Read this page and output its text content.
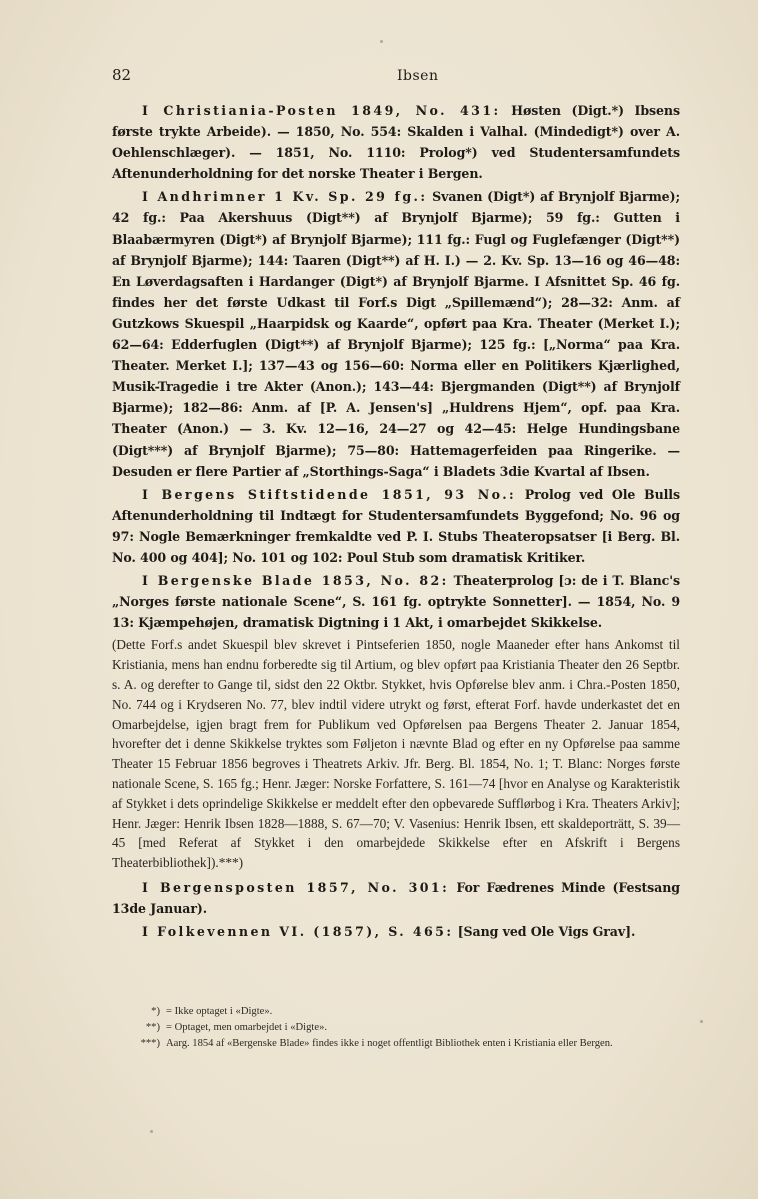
82	Ibsen

I Christiania-Posten 1849, No. 431: Høsten (Digt.*) Ibsens første trykte Arbeide). — 1850, No. 554: Skalden i Valhal. (Mindedigt*) over A. Oehlenschlæger). — 1851, No. 1110: Prolog*) ved Studentersamfundets Aftenunderholdning for det norske Theater i Bergen.

I Andhrimner 1 Kv. Sp. 29 fg.: Svanen (Digt*) af Brynjolf Bjarme); 42 fg.: Paa Akershuus (Digt**) af Brynjolf Bjarme); 59 fg.: Gutten i Blaabærmyren (Digt*) af Brynjolf Bjarme); 111 fg.: Fugl og Fuglefænger (Digt**) af Brynjolf Bjarme); 144: Taaren (Digt**) af H. I.) — 2. Kv. Sp. 13—16 og 46—48: En Løverdagsaften i Hardanger (Digt*) af Brynjolf Bjarme. I Afsnittet Sp. 46 fg. findes her det første Udkast til Forf.s Digt „Spillemænd“); 28—32: Anm. af Gutzkows Skuespil „Haarpidsk og Kaarde“, opført paa Kra. Theater (Merket I.); 62—64: Edderfuglen (Digt**) af Brynjolf Bjarme); 125 fg.: [„Norma“ paa Kra. Theater. Merket I.]; 137—43 og 156—60: Norma eller en Politikers Kjærlighed, Musik-Tragedie i tre Akter (Anon.); 143—44: Bjergmanden (Digt**) af Brynjolf Bjarme); 182—86: Anm. af [P. A. Jensen's] „Huldrens Hjem“, opf. paa Kra. Theater (Anon.) — 3. Kv. 12—16, 24—27 og 42—45: Helge Hundingsbane (Digt***) af Brynjolf Bjarme); 75—80: Hattemagerfeiden paa Ringerike. — Desuden er flere Partier af „Storthings-Saga“ i Bladets 3die Kvartal af Ibsen.

I Bergens Stiftstidende 1851, 93 No.: Prolog ved Ole Bulls Aftenunderholdning til Indtægt for Studentersamfundets Byggefond; No. 96 og 97: Nogle Bemærkninger fremkaldte ved P. I. Stubs Theateropsatser [i Berg. Bl. No. 400 og 404]; No. 101 og 102: Poul Stub som dramatisk Kritiker.

I Bergenske Blade 1853, No. 82: Theaterprolog [ɔ: de i T. Blanc's „Norges første nationale Scene“, S. 161 fg. optrykte Sonnetter]. — 1854, No. 9 13: Kjæmpehøjen, dramatisk Digtning i 1 Akt, i omarbejdet Skikkelse.

(Dette Forf.s andet Skuespil blev skrevet i Pintseferien 1850, nogle Maaneder efter hans Ankomst til Kristiania, mens han endnu forberedte sig til Artium, og blev opført paa Kristiania Theater den 26 Septbr. s. A. og derefter to Gange til, sidst den 22 Oktbr. Stykket, hvis Opførelse blev anm. i Chra.-Posten 1850, No. 744 og i Krydseren No. 77, blev indtil videre utrykt og først, efterat Forf. havde underkastet det en Omarbejdelse, igjen bragt frem for Publikum ved Opførelsen paa Bergens Theater 2. Januar 1854, hvorefter det i denne Skikkelse tryktes som Føljeton i nævnte Blad og efter en ny Opførelse paa samme Theater 15 Februar 1856 begroves i Theatrets Arkiv. Jfr. Berg. Bl. 1854, No. 1; T. Blanc: Norges første nationale Scene, S. 165 fg.; Henr. Jæger: Norske Forfattere, S. 161—74 [hvor en Analyse og Karakteristik af Stykket i dets oprindelige Skikkelse er meddelt efter den opbevarede Sufflørbog i Kra. Theaters Arkiv]; Henr. Jæger: Henrik Ibsen 1828—1888, S. 67—70; V. Vasenius: Henrik Ibsen, ett skaldeporträtt, S. 39—45 [med Referat af Stykket i den omarbejdede Skikkelse efter en Afskrift i Bergens Theaterbibliothek]).***)

I Bergensposten 1857, No. 301: For Fædrenes Minde (Festsang 13de Januar).

I Folkevennen VI. (1857), S. 465: [Sang ved Ole Vigs Grav].

*) = Ikke optaget i «Digte».
**) = Optaget, men omarbejdet i «Digte».
***) Aarg. 1854 af «Bergenske Blade» findes ikke i noget offentligt Bibliothek enten i Kristiania eller Bergen.
